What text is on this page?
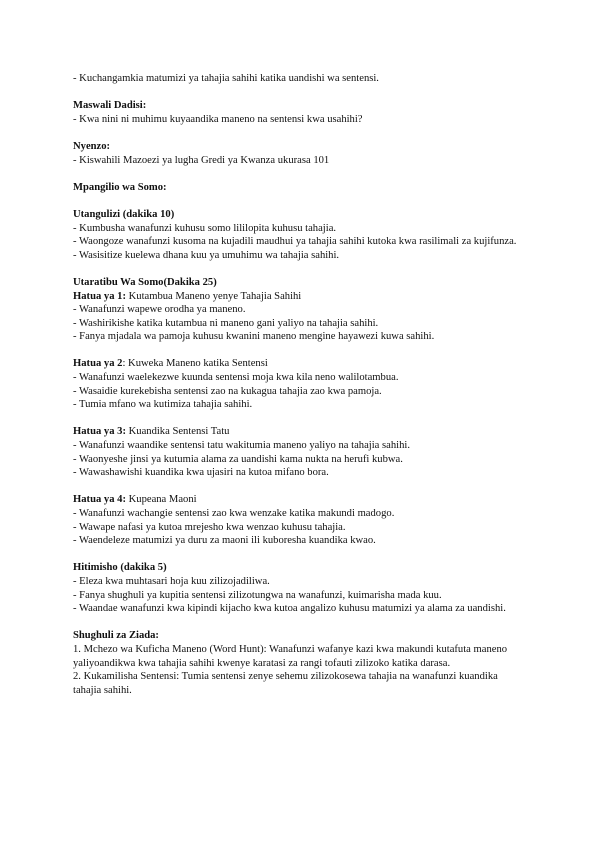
- Kuchangamkia matumizi ya tahajia sahihi katika uandishi wa sentensi.
Maswali Dadisi:
- Kwa nini ni muhimu kuyaandika maneno na sentensi kwa usahihi?
Nyenzo:
- Kiswahili Mazoezi ya lugha Gredi ya Kwanza ukurasa 101
Mpangilio wa Somo:
Utangulizi (dakika 10)
- Kumbusha wanafunzi kuhusu somo lililopita kuhusu tahajia.
- Waongoze wanafunzi kusoma na kujadili maudhui ya tahajia sahihi kutoka kwa rasilimali za kujifunza.
- Wasisitize kuelewa dhana kuu ya umuhimu wa tahajia sahihi.
Utaratibu Wa Somo(Dakika 25)
Hatua ya 1: Kutambua Maneno yenye Tahajia Sahihi
- Wanafunzi wapewe orodha ya maneno.
- Washirikishe katika kutambua ni maneno gani yaliyo na tahajia sahihi.
- Fanya mjadala wa pamoja kuhusu kwanini maneno mengine hayawezi kuwa sahihi.
Hatua ya 2: Kuweka Maneno katika Sentensi
- Wanafunzi waelekezwe kuunda sentensi moja kwa kila neno walilotambua.
- Wasaidie kurekebisha sentensi zao na kukagua tahajia zao kwa pamoja.
- Tumia mfano wa kutimiza tahajia sahihi.
Hatua ya 3: Kuandika Sentensi Tatu
- Wanafunzi waandike sentensi tatu wakitumia maneno yaliyo na tahajia sahihi.
- Waonyeshe jinsi ya kutumia alama za uandishi kama nukta na herufi kubwa.
- Wawashawishi kuandika kwa ujasiri na kutoa mifano bora.
Hatua ya 4: Kupeana Maoni
- Wanafunzi wachangie sentensi zao kwa wenzake katika makundi madogo.
- Wawape nafasi ya kutoa mrejesho kwa wenzao kuhusu tahajia.
- Waendeleze matumizi ya duru za maoni ili kuboresha kuandika kwao.
Hitimisho (dakika 5)
- Eleza kwa muhtasari hoja kuu zilizojadiliwa.
- Fanya shughuli ya kupitia sentensi zilizotungwa na wanafunzi, kuimarisha mada kuu.
- Waandae wanafunzi kwa kipindi kijacho kwa kutoa angalizo kuhusu matumizi ya alama za uandishi.
Shughuli za Ziada:
1. Mchezo wa Kuficha Maneno (Word Hunt): Wanafunzi wafanye kazi kwa makundi kutafuta maneno yaliyoandikwa kwa tahajia sahihi kwenye karatasi za rangi tofauti zilizoko katika darasa.
2. Kukamilisha Sentensi: Tumia sentensi zenye sehemu zilizokosewa tahajia na wanafunzi kuandika tahajia sahihi.
